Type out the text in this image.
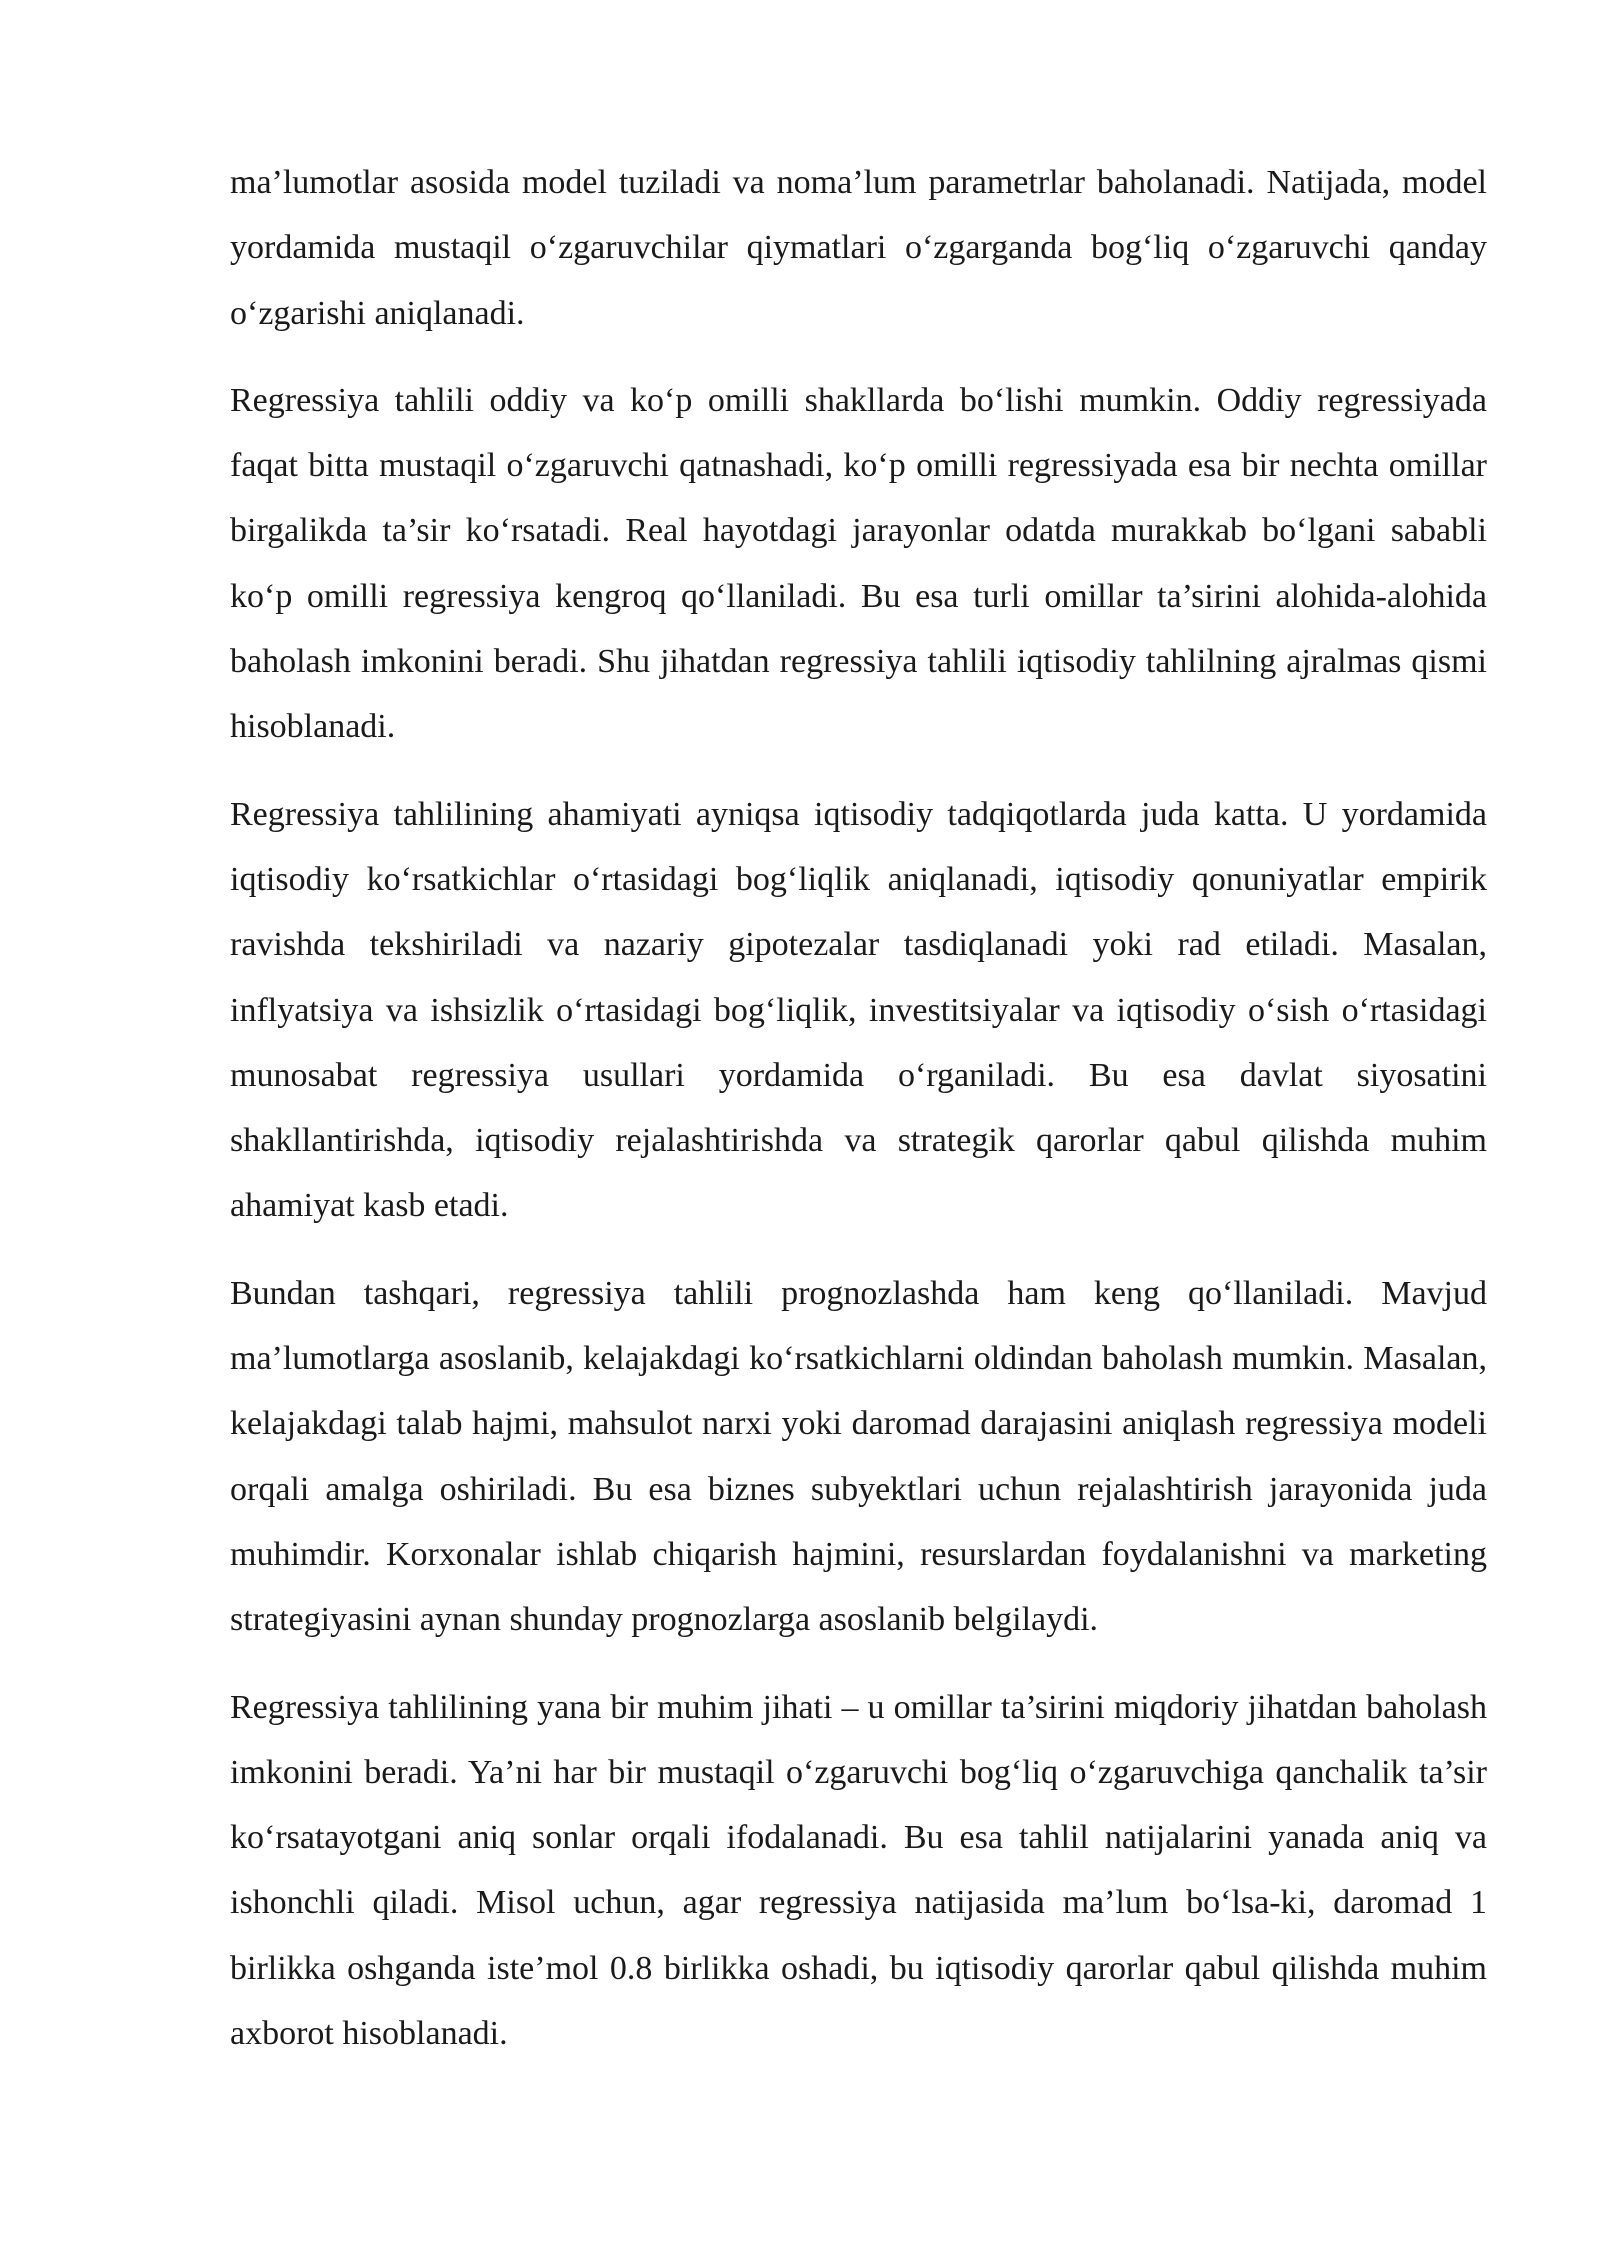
ma’lumotlar asosida model tuziladi va noma’lum parametrlar baholanadi. Natijada, model yordamida mustaqil o‘zgaruvchilar qiymatlari o‘zgarganda bog‘liq o‘zgaruvchi qanday o‘zgarishi aniqlanadi.

Regressiya tahlili oddiy va ko‘p omilli shakllarda bo‘lishi mumkin. Oddiy regressiyada faqat bitta mustaqil o‘zgaruvchi qatnashadi, ko‘p omilli regressiyada esa bir nechta omillar birgalikda ta’sir ko‘rsatadi. Real hayotdagi jarayonlar odatda murakkab bo‘lgani sababli ko‘p omilli regressiya kengroq qo‘llaniladi. Bu esa turli omillar ta’sirini alohida-alohida baholash imkonini beradi. Shu jihatdan regressiya tahlili iqtisodiy tahlilning ajralmas qismi hisoblanadi.

Regressiya tahlilining ahamiyati ayniqsa iqtisodiy tadqiqotlarda juda katta. U yordamida iqtisodiy ko‘rsatkichlar o‘rtasidagi bog‘liqlik aniqlanadi, iqtisodiy qonuniyatlar empirik ravishda tekshiriladi va nazariy gipotezalar tasdiqlanadi yoki rad etiladi. Masalan, inflyatsiya va ishsizlik o‘rtasidagi bog‘liqlik, investitsiyalar va iqtisodiy o‘sish o‘rtasidagi munosabat regressiya usullari yordamida o‘rganiladi. Bu esa davlat siyosatini shakllantirishda, iqtisodiy rejalashtirishda va strategik qarorlar qabul qilishda muhim ahamiyat kasb etadi.

Bundan tashqari, regressiya tahlili prognozlashda ham keng qo‘llaniladi. Mavjud ma’lumotlarga asoslanib, kelajakdagi ko‘rsatkichlarni oldindan baholash mumkin. Masalan, kelajakdagi talab hajmi, mahsulot narxi yoki daromad darajasini aniqlash regressiya modeli orqali amalga oshiriladi. Bu esa biznes subyektlari uchun rejalashtirish jarayonida juda muhimdir. Korxonalar ishlab chiqarish hajmini, resurslardan foydalanishni va marketing strategiyasini aynan shunday prognozlarga asoslanib belgilaydi.

Regressiya tahlilining yana bir muhim jihati – u omillar ta’sirini miqdoriy jihatdan baholash imkonini beradi. Ya’ni har bir mustaqil o‘zgaruvchi bog‘liq o‘zgaruvchiga qanchalik ta’sir ko‘rsatayotgani aniq sonlar orqali ifodalanadi. Bu esa tahlil natijalarini yanada aniq va ishonchli qiladi. Misol uchun, agar regressiya natijasida ma’lum bo‘lsa-ki, daromad 1 birlikka oshganda iste’mol 0.8 birlikka oshadi, bu iqtisodiy qarorlar qabul qilishda muhim axborot hisoblanadi.
